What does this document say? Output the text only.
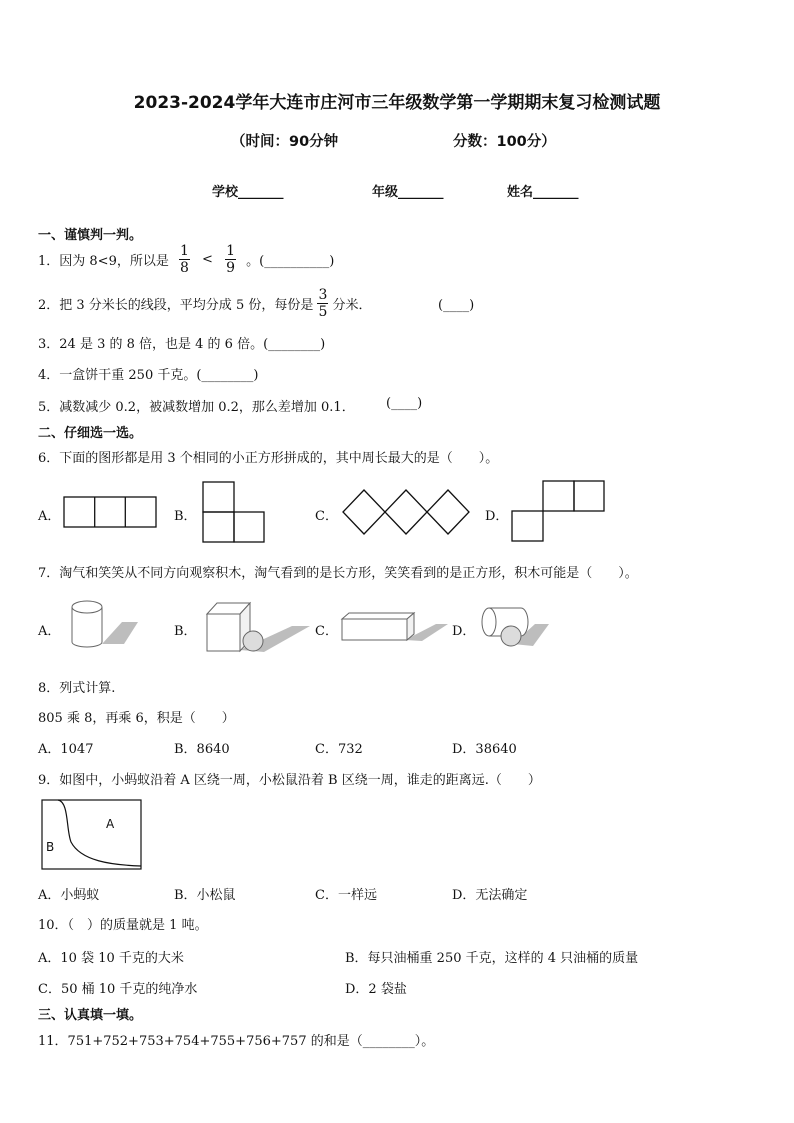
2023-2024学年大连市庄河市三年级数学第一学期期末复习检测试题
（时间：90分钟	分数：100分）
学校_______	年级_______	姓名_______
一、谨慎判一判。
1．因为 8<9，所以是 $\frac{1}{8} < \frac{1}{9}$ 。(__________)
2．把 3 分米长的线段，平均分成 5 份，每份是 $\frac{3}{5}$ 分米．	(____)
3．24 是 3 的 8 倍，也是 4 的 6 倍。(________)
4．一盒饼干重 250 千克。(________)
5．减数减少 0.2，被减数增加 0.2，那么差增加 0.1． (____)
二、仔细选一选。
6．下面的图形都是用 3 个相同的小正方形拼成的，其中周长最大的是（　　）。
A．	B．	C．	D．
7．淘气和笑笑从不同方向观察积木，淘气看到的是长方形，笑笑看到的是正方形，积木可能是（　　）。
A．	B．	C．	D．
8．列式计算.
805 乘 8，再乘 6，积是（　　）
A．1047	B．8640	C．732	D．38640
9．如图中，小蚂蚁沿着 A 区绕一周，小松鼠沿着 B 区绕一周，谁走的距离远.（　　）
A
B
A．小蚂蚁	B．小松鼠	C．一样远	D．无法确定
10．（　）的质量就是 1 吨。
A．10 袋 10 千克的大米	B．每只油桶重 250 千克，这样的 4 只油桶的质量
C．50 桶 10 千克的纯净水	D．2 袋盐
三、认真填一填。
11．751+752+753+754+755+756+757 的和是（________）。
